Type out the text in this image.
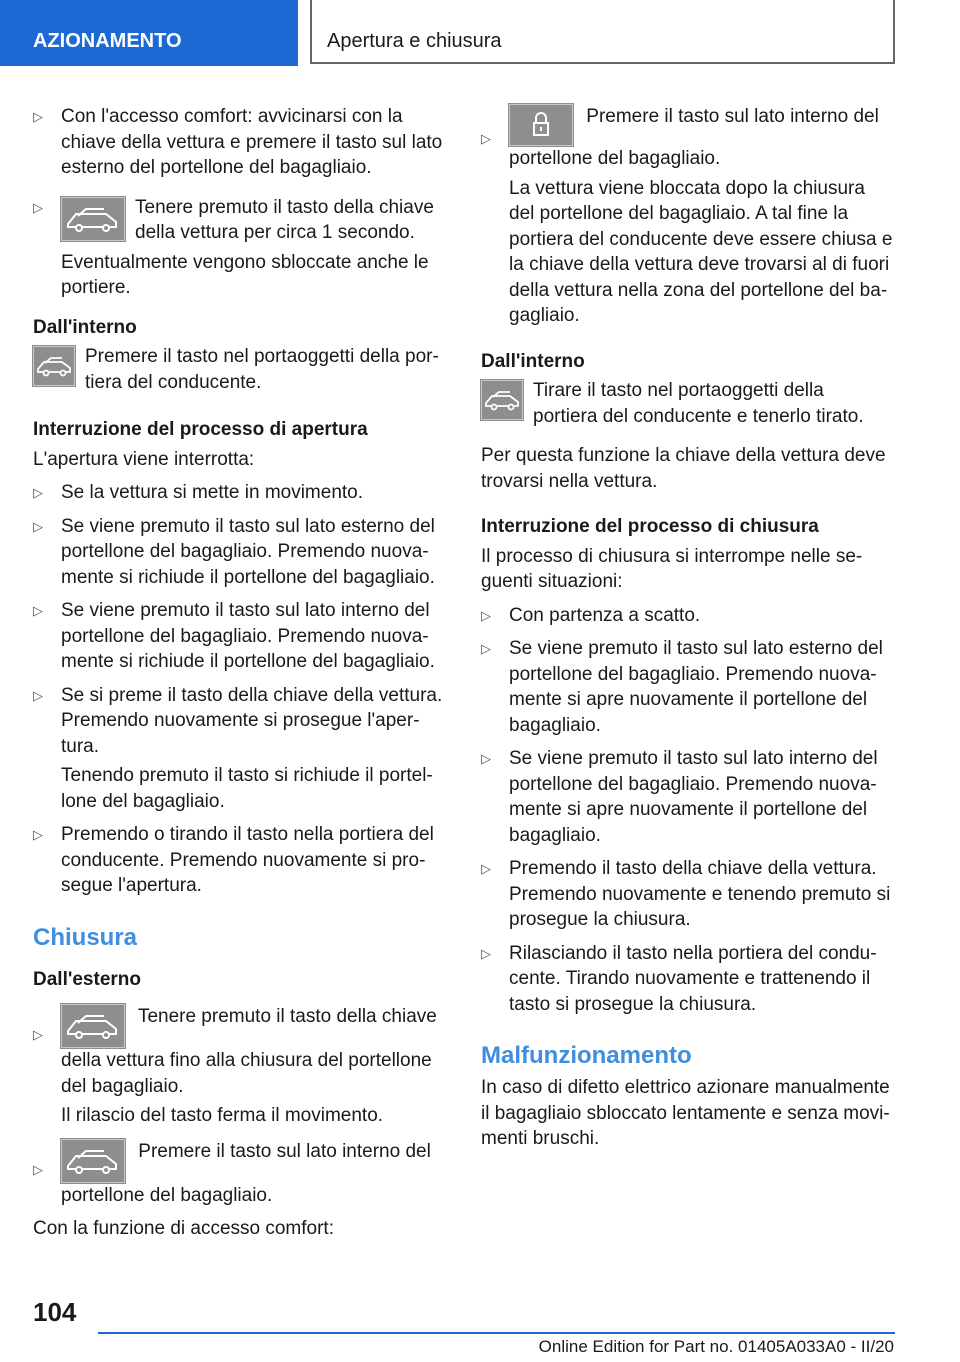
AZIONAMENTO	Apertura e chiusura
▷ Con l'accesso comfort: avvicinarsi con la chiave della vettura e premere il tasto sul lato esterno del portellone del bagagliaio.
▷	Tenere premuto il tasto della chiave della vettura per circa 1 secondo.
Eventualmente vengono sbloccate anche le portiere.
Dall'interno
Premere il tasto nel portaoggetti della portiera del conducente.
Interruzione del processo di apertura
L'apertura viene interrotta:
▷ Se la vettura si mette in movimento.
▷ Se viene premuto il tasto sul lato esterno del portellone del bagagliaio. Premendo nuovamente si richiude il portellone del bagagliaio.
▷ Se viene premuto il tasto sul lato interno del portellone del bagagliaio. Premendo nuovamente si richiude il portellone del bagagliaio.
▷ Se si preme il tasto della chiave della vettura. Premendo nuovamente si prosegue l'apertura.
Tenendo premuto il tasto si richiude il portellone del bagagliaio.
▷ Premendo o tirando il tasto nella portiera del conducente. Premendo nuovamente si prosegue l'apertura.
Chiusura
Dall'esterno
▷
Tenere premuto il tasto della chiave della vettura fino alla chiusura del portellone del bagagliaio.
Il rilascio del tasto ferma il movimento.
▷
Premere il tasto sul lato interno del portellone del bagagliaio.
Con la funzione di accesso comfort:
▷
Premere il tasto sul lato interno del portellone del bagagliaio.
La vettura viene bloccata dopo la chiusura del portellone del bagagliaio. A tal fine la portiera del conducente deve essere chiusa e la chiave della vettura deve trovarsi al di fuori della vettura nella zona del portellone del bagagliaio.
Dall'interno
Tirare il tasto nel portaoggetti della portiera del conducente e tenerlo tirato.
Per questa funzione la chiave della vettura deve trovarsi nella vettura.
Interruzione del processo di chiusura
Il processo di chiusura si interrompe nelle seguenti situazioni:
▷ Con partenza a scatto.
▷ Se viene premuto il tasto sul lato esterno del portellone del bagagliaio. Premendo nuovamente si apre nuovamente il portellone del bagagliaio.
▷ Se viene premuto il tasto sul lato interno del portellone del bagagliaio. Premendo nuovamente si apre nuovamente il portellone del bagagliaio.
▷ Premendo il tasto della chiave della vettura. Premendo nuovamente e tenendo premuto si prosegue la chiusura.
▷ Rilasciando il tasto nella portiera del conducente. Tirando nuovamente e trattenendo il tasto si prosegue la chiusura.
Malfunzionamento
In caso di difetto elettrico azionare manualmente il bagagliaio sbloccato lentamente e senza movimenti bruschi.
104
Online Edition for Part no. 01405A033A0 - II/20
